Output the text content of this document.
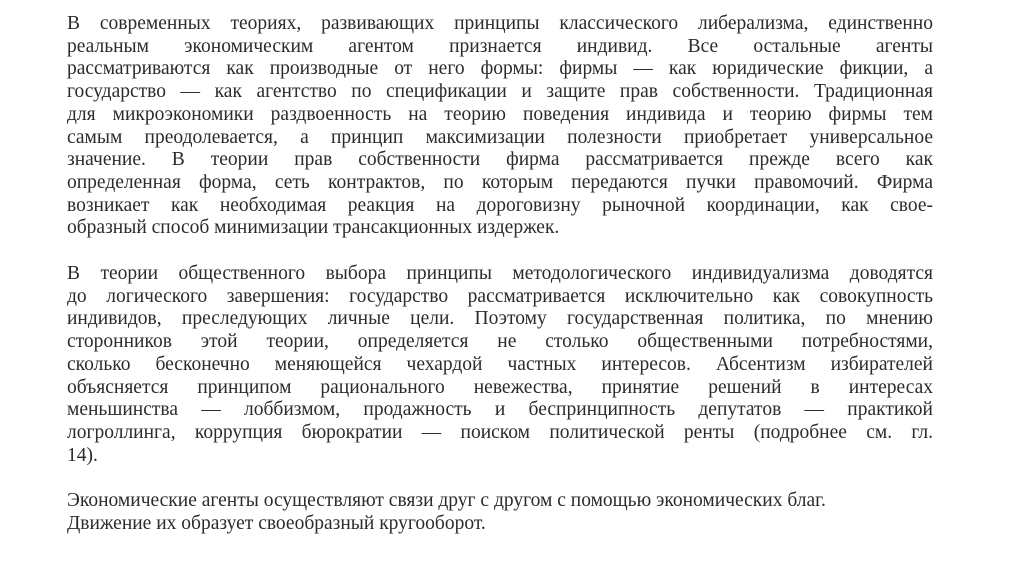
В современных теориях, развивающих принципы классического либерализма, единственно
реальным экономическим агентом признается индивид. Все остальные агенты
рассматриваются как производные от него формы: фирмы — как юридические фикции, а
государство — как агентство по спецификации и защите прав собственности. Традиционная
для микроэкономики раздвоенность на теорию поведения индивида и теорию фирмы тем
самым преодолевается, а принцип максимизации полезности приобретает универсальное
значение. В теории прав собственности фирма рассматривается прежде всего как
определенная форма, сеть контрактов, по которым передаются пучки правомочий. Фирма
возникает как необходимая реакция на дороговизну рыночной координации, как свое-
образный способ минимизации трансакционных издержек.
В теории общественного выбора принципы методологического индивидуализма доводятся
до логического завершения: государство рассматривается исключительно как совокупность
индивидов, преследующих личные цели. Поэтому государственная политика, по мнению
сторонников этой теории, определяется не столько общественными потребностями,
сколько бесконечно меняющейся чехардой частных интересов. Абсентизм избирателей
объясняется принципом рационального невежества, принятие решений в интересах
меньшинства — лоббизмом, продажность и беспринципность депутатов — практикой
логроллинга, коррупция бюрократии — поиском политической ренты (подробнее см. гл.
14).
Экономические агенты осуществляют связи друг с другом с помощью экономических благ.
Движение их образует своеобразный кругооборот.
